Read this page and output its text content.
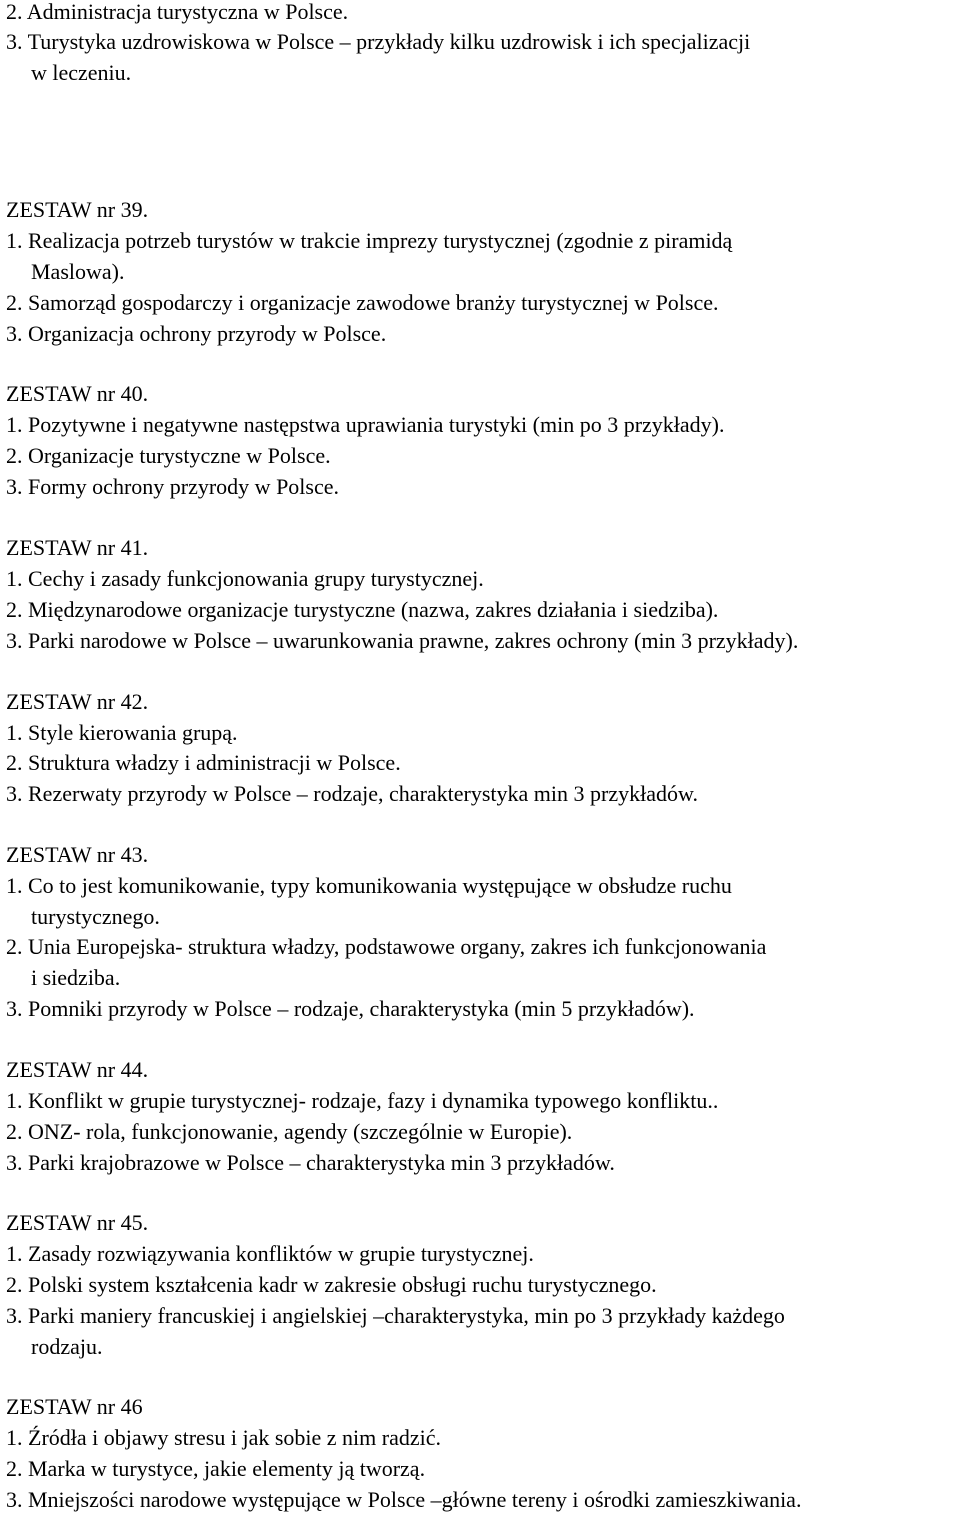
2. Administracja turystyczna w Polsce.
3. Turystyka uzdrowiskowa w Polsce – przykłady kilku uzdrowisk i ich specjalizacji
w leczeniu.
ZESTAW nr 39.
1. Realizacja potrzeb turystów w trakcie imprezy turystycznej (zgodnie z piramidą
Maslowa).
2. Samorząd gospodarczy i organizacje zawodowe branży turystycznej w Polsce.
3. Organizacja ochrony przyrody w Polsce.
ZESTAW nr 40.
1. Pozytywne i negatywne następstwa uprawiania turystyki (min po 3 przykłady).
2. Organizacje turystyczne w Polsce.
3. Formy ochrony przyrody w Polsce.
ZESTAW nr 41.
1. Cechy i zasady funkcjonowania grupy turystycznej.
2. Międzynarodowe organizacje turystyczne (nazwa, zakres działania i siedziba).
3. Parki narodowe w Polsce – uwarunkowania prawne, zakres ochrony (min 3 przykłady).
ZESTAW nr 42.
1. Style kierowania grupą.
2. Struktura władzy i administracji w Polsce.
3. Rezerwaty przyrody w Polsce – rodzaje, charakterystyka min 3 przykładów.
ZESTAW nr 43.
1. Co to jest komunikowanie, typy komunikowania występujące w obsłudze ruchu
turystycznego.
2. Unia Europejska- struktura władzy, podstawowe organy, zakres ich funkcjonowania
i siedziba.
3. Pomniki przyrody w Polsce – rodzaje, charakterystyka (min 5 przykładów).
ZESTAW nr 44.
1. Konflikt w grupie turystycznej- rodzaje, fazy i dynamika typowego konfliktu..
2. ONZ- rola, funkcjonowanie, agendy (szczególnie w Europie).
3. Parki krajobrazowe w Polsce – charakterystyka min 3 przykładów.
ZESTAW nr 45.
1. Zasady rozwiązywania konfliktów w grupie turystycznej.
2. Polski system kształcenia kadr w zakresie obsługi ruchu turystycznego.
3. Parki maniery francuskiej i angielskiej –charakterystyka, min po 3 przykłady każdego
rodzaju.
ZESTAW nr 46
1. Źródła i objawy stresu i jak sobie z nim radzić.
2. Marka w turystyce, jakie elementy ją tworzą.
3. Mniejszości narodowe występujące w Polsce –główne tereny i ośrodki zamieszkiwania.
